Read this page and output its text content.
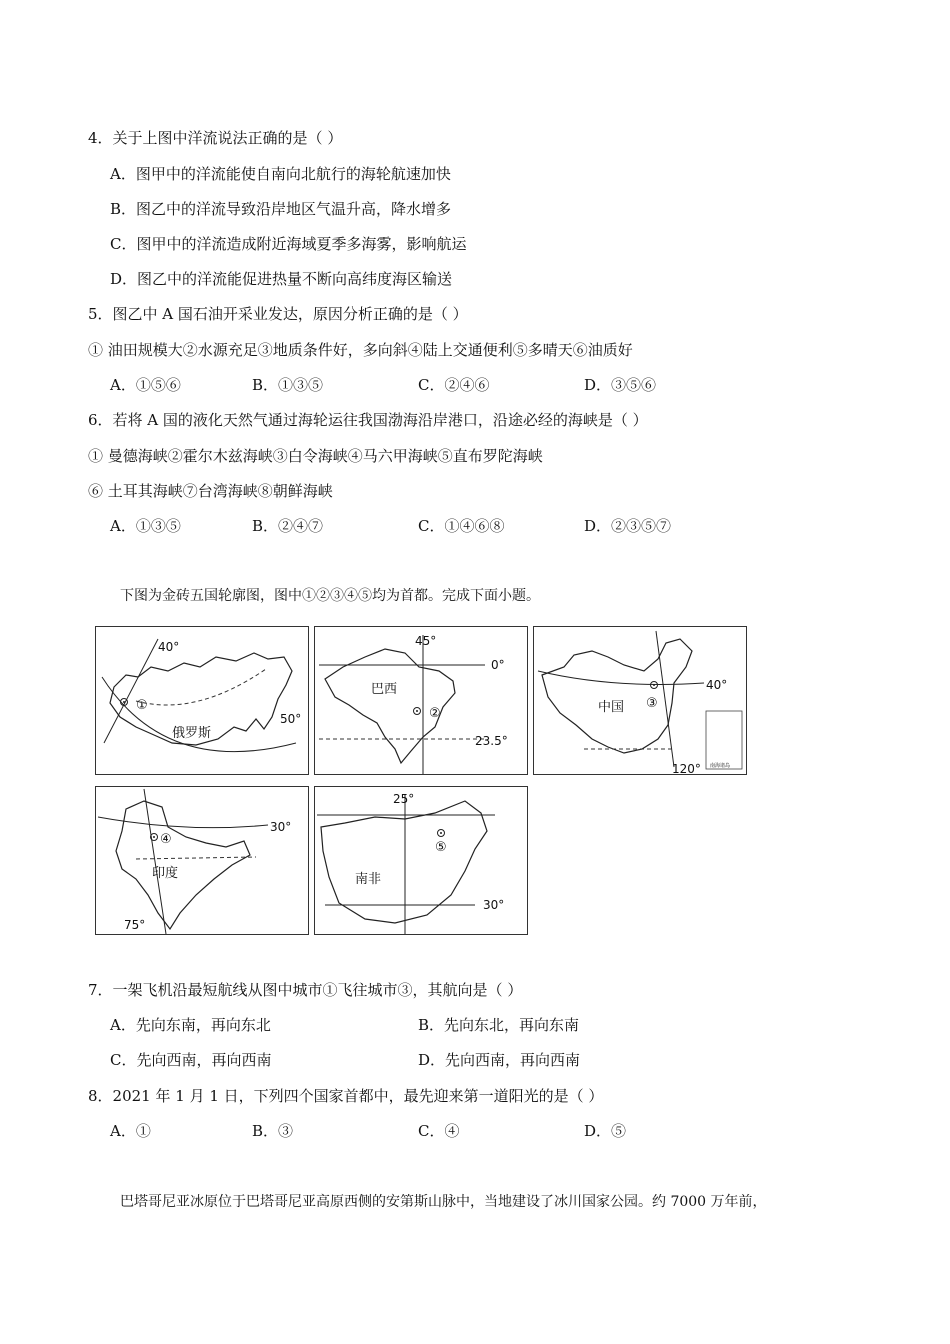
4．关于上图中洋流说法正确的是（ ）
A．图甲中的洋流能使自南向北航行的海轮航速加快
B．图乙中的洋流导致沿岸地区气温升高，降水增多
C．图甲中的洋流造成附近海域夏季多海雾，影响航运
D．图乙中的洋流能促进热量不断向高纬度海区输送
5．图乙中 A 国石油开采业发达，原因分析正确的是（ ）
① 油田规模大②水源充足③地质条件好，多向斜④陆上交通便利⑤多晴天⑥油质好
A．①⑤⑥	B．①③⑤	C．②④⑥	D．③⑤⑥
6．若将 A 国的液化天然气通过海轮运往我国渤海沿岸港口，沿途必经的海峡是（ ）
① 曼德海峡②霍尔木兹海峡③白令海峡④马六甲海峡⑤直布罗陀海峡
⑥ 土耳其海峡⑦台湾海峡⑧朝鲜海峡
A．①③⑤	B．②④⑦	C．①④⑥⑧	D．②③⑤⑦
下图为金砖五国轮廓图，图中①②③④⑤均为首都。完成下面小题。
①
俄罗斯
40°
50°	②
巴西
45°
0°
23.5°
③
中国
40°
120° 南海诸岛
④
印度
30°
75°
⑤
南非
25°
30°
7．一架飞机沿最短航线从图中城市①飞往城市③，其航向是（ ）
A．先向东南，再向东北	B．先向东北，再向东南
C．先向西南，再向西南	D．先向西南，再向西南
8．2021 年 1 月 1 日，下列四个国家首都中，最先迎来第一道阳光的是（ ）
A．①	B．③	C．④	D．⑤
巴塔哥尼亚冰原位于巴塔哥尼亚高原西侧的安第斯山脉中，当地建设了冰川国家公园。约 7000 万年前，
